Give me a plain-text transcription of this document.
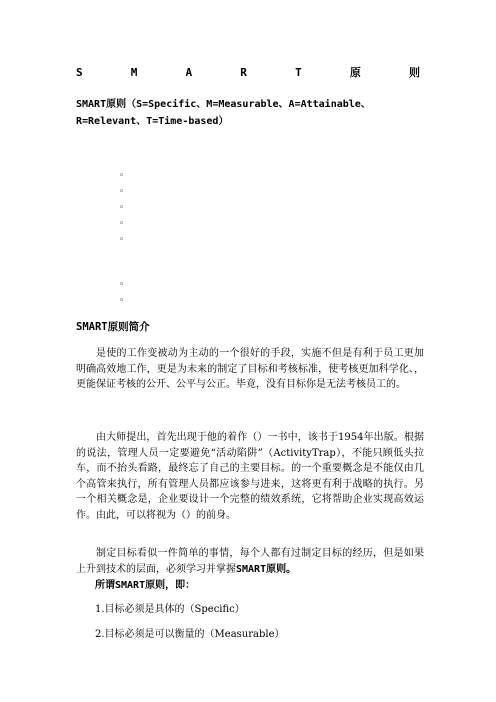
S	M	A	R	T	原	则
SMART原则（S=Specific、M=Measurable、A=Attainable、R=Relevant、T=Time-based）
◦
◦
◦
◦
◦
◦
◦
SMART原则简介

是使的工作变被动为主动的一个很好的手段，实施不但是有利于员工更加明确高效地工作，更是为未来的制定了目标和考核标准，使考核更加科学化、，更能保证考核的公开、公平与公正。毕竟，没有目标你是无法考核员工的。

由大师提出，首先出现于他的着作（）一书中，该书于1954年出版。根据的说法，管理人员一定要避免“活动陷阱”（ActivityTrap），不能只顾低头拉车，而不抬头看路，最终忘了自己的主要目标。的一个重要概念是不能仅由几个高管来执行，所有管理人员都应该参与进来，这将更有利于战略的执行。另一个相关概念是，企业要设计一个完整的绩效系统，它将帮助企业实现高效运作。由此，可以将视为（）的前身。

制定目标看似一件简单的事情，每个人都有过制定目标的经历，但是如果上升到技术的层面，必须学习并掌握SMART原则。

所谓SMART原则，即：
1.目标必须是具体的（Specific）
2.目标必须是可以衡量的（Measurable）
